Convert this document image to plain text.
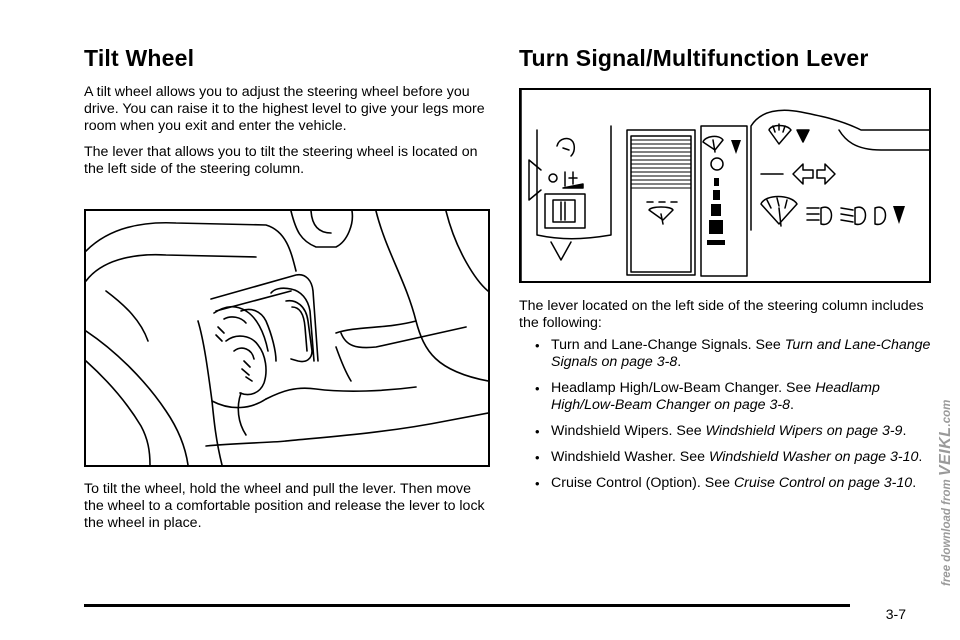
Tilt Wheel

A tilt wheel allows you to adjust the steering wheel before you drive. You can raise it to the highest level to give your legs more room when you exit and enter the vehicle.

The lever that allows you to tilt the steering wheel is located on the left side of the steering column.

To tilt the wheel, hold the wheel and pull the lever. Then move the wheel to a comfortable position and release the lever to lock the wheel in place.
Turn Signal/Multifunction Lever
The lever located on the left side of the steering column includes the following:
• Turn and Lane-Change Signals. See Turn and Lane-Change Signals on page 3-8.
• Headlamp High/Low-Beam Changer. See Headlamp High/Low-Beam Changer on page 3-8.
• Windshield Wipers. See Windshield Wipers on page 3-9.
• Windshield Washer. See Windshield Washer on page 3-10.
• Cruise Control (Option). See Cruise Control on page 3-10.
3-7
free download from VEIKL.com
